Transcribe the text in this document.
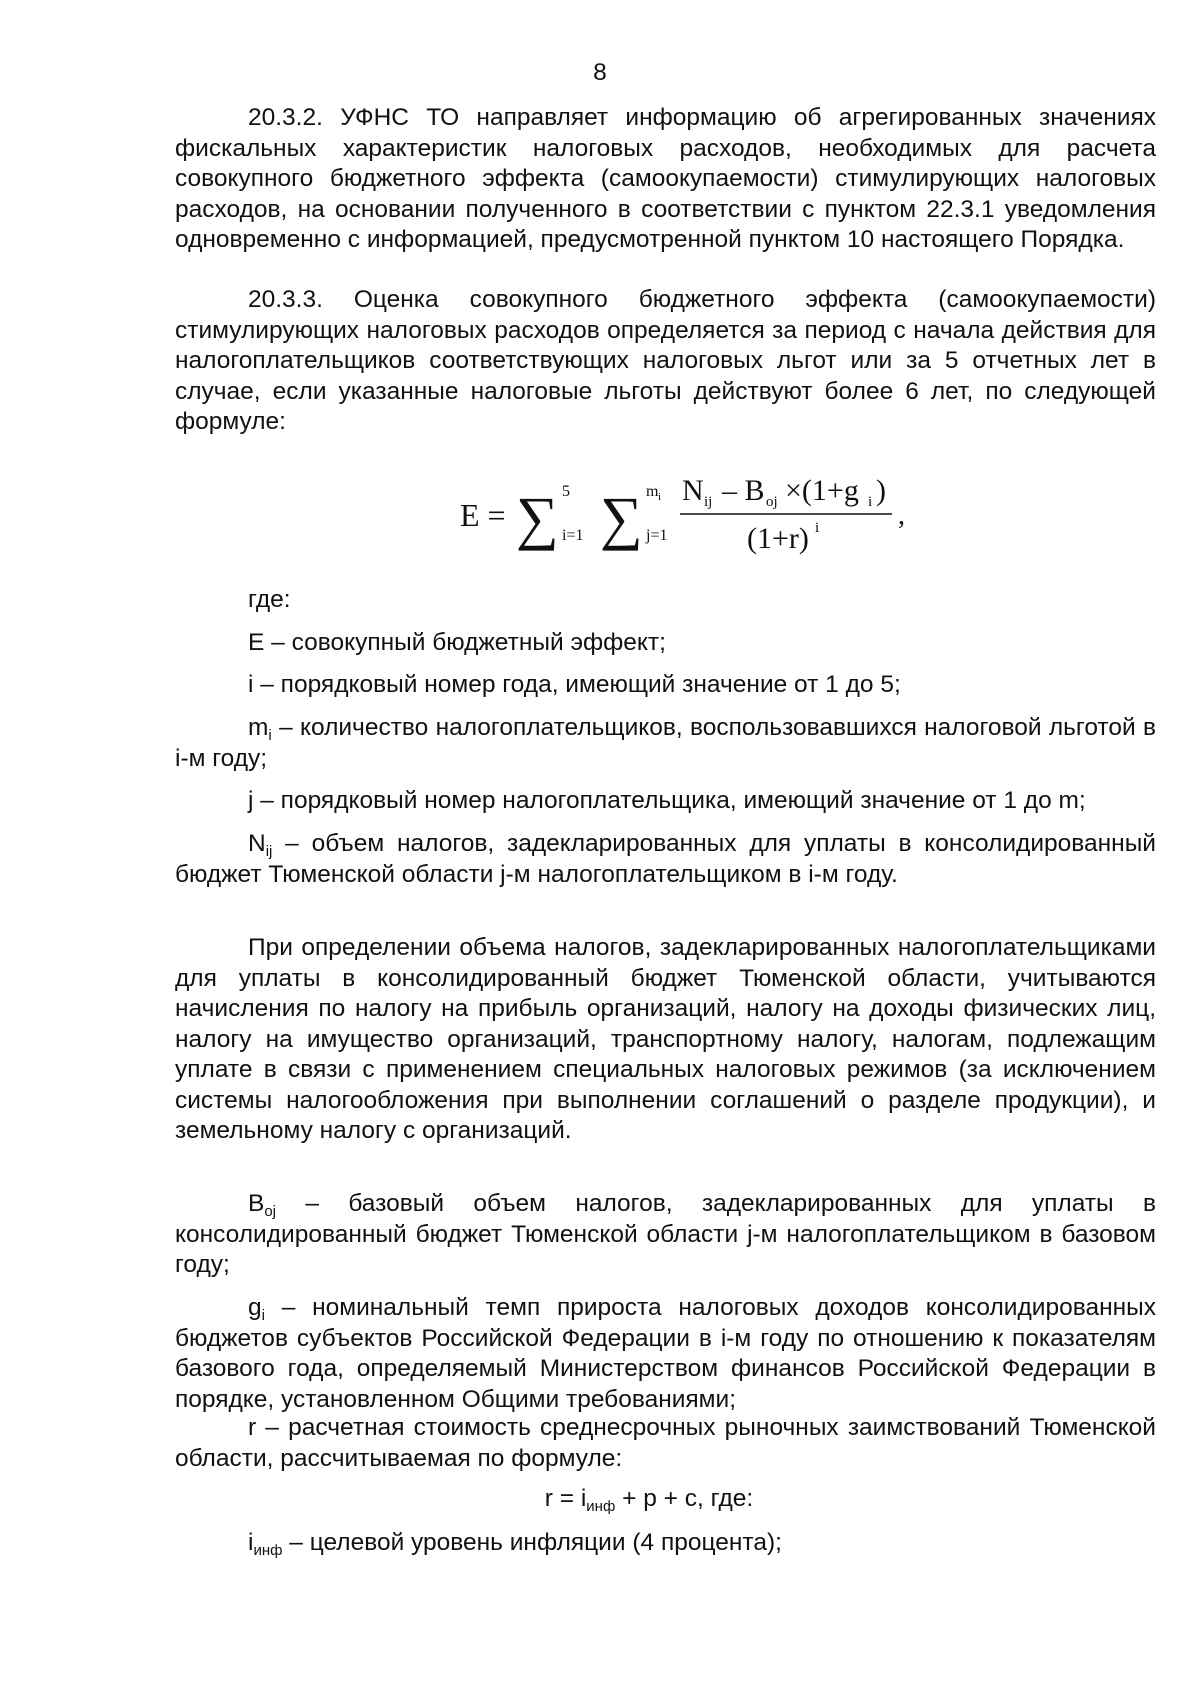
8

20.3.2. УФНС ТО направляет информацию об агрегированных значениях фискальных характеристик налоговых расходов, необходимых для расчета совокупного бюджетного эффекта (самоокупаемости) стимулирующих налоговых расходов, на основании полученного в соответствии с пунктом 22.3.1 уведомления одновременно с информацией, предусмотренной пунктом 10 настоящего Порядка.

20.3.3. Оценка совокупного бюджетного эффекта (самоокупаемости) стимулирующих налоговых расходов определяется за период с начала действия для налогоплательщиков соответствующих налоговых льгот или за 5 отчетных лет в случае, если указанные налоговые льготы действуют более 6 лет, по следующей формуле:

E = ∑ 5
i=1 ∑ m i
j=1
N ij – B oj ×(1+g i )
(1+r) i	,

где:

E – совокупный бюджетный эффект;

i – порядковый номер года, имеющий значение от 1 до 5;

$m_i$ – количество налогоплательщиков, воспользовавшихся налоговой льготой в i-м году;

j – порядковый номер налогоплательщика, имеющий значение от 1 до m;

$N_{ij}$ – объем налогов, задекларированных для уплаты в консолидированный бюджет Тюменской области j-м налогоплательщиком в i-м году.

При определении объема налогов, задекларированных налогоплательщиками для уплаты в консолидированный бюджет Тюменской области, учитываются начисления по налогу на прибыль организаций, налогу на доходы физических лиц, налогу на имущество организаций, транспортному налогу, налогам, подлежащим уплате в связи с применением специальных налоговых режимов (за исключением системы налогообложения при выполнении соглашений о разделе продукции), и земельному налогу с организаций.

$B_{oj}$ – базовый объем налогов, задекларированных для уплаты в консолидированный бюджет Тюменской области j-м налогоплательщиком в базовом году;

$g_i$ – номинальный темп прироста налоговых доходов консолидированных бюджетов субъектов Российской Федерации в i-м году по отношению к показателям базового года, определяемый Министерством финансов Российской Федерации в порядке, установленном Общими требованиями;

r – расчетная стоимость среднесрочных рыночных заимствований Тюменской области, рассчитываемая по формуле:

$r = i_{инф} + p + c$, где:

$i_{инф}$ – целевой уровень инфляции (4 процента);
